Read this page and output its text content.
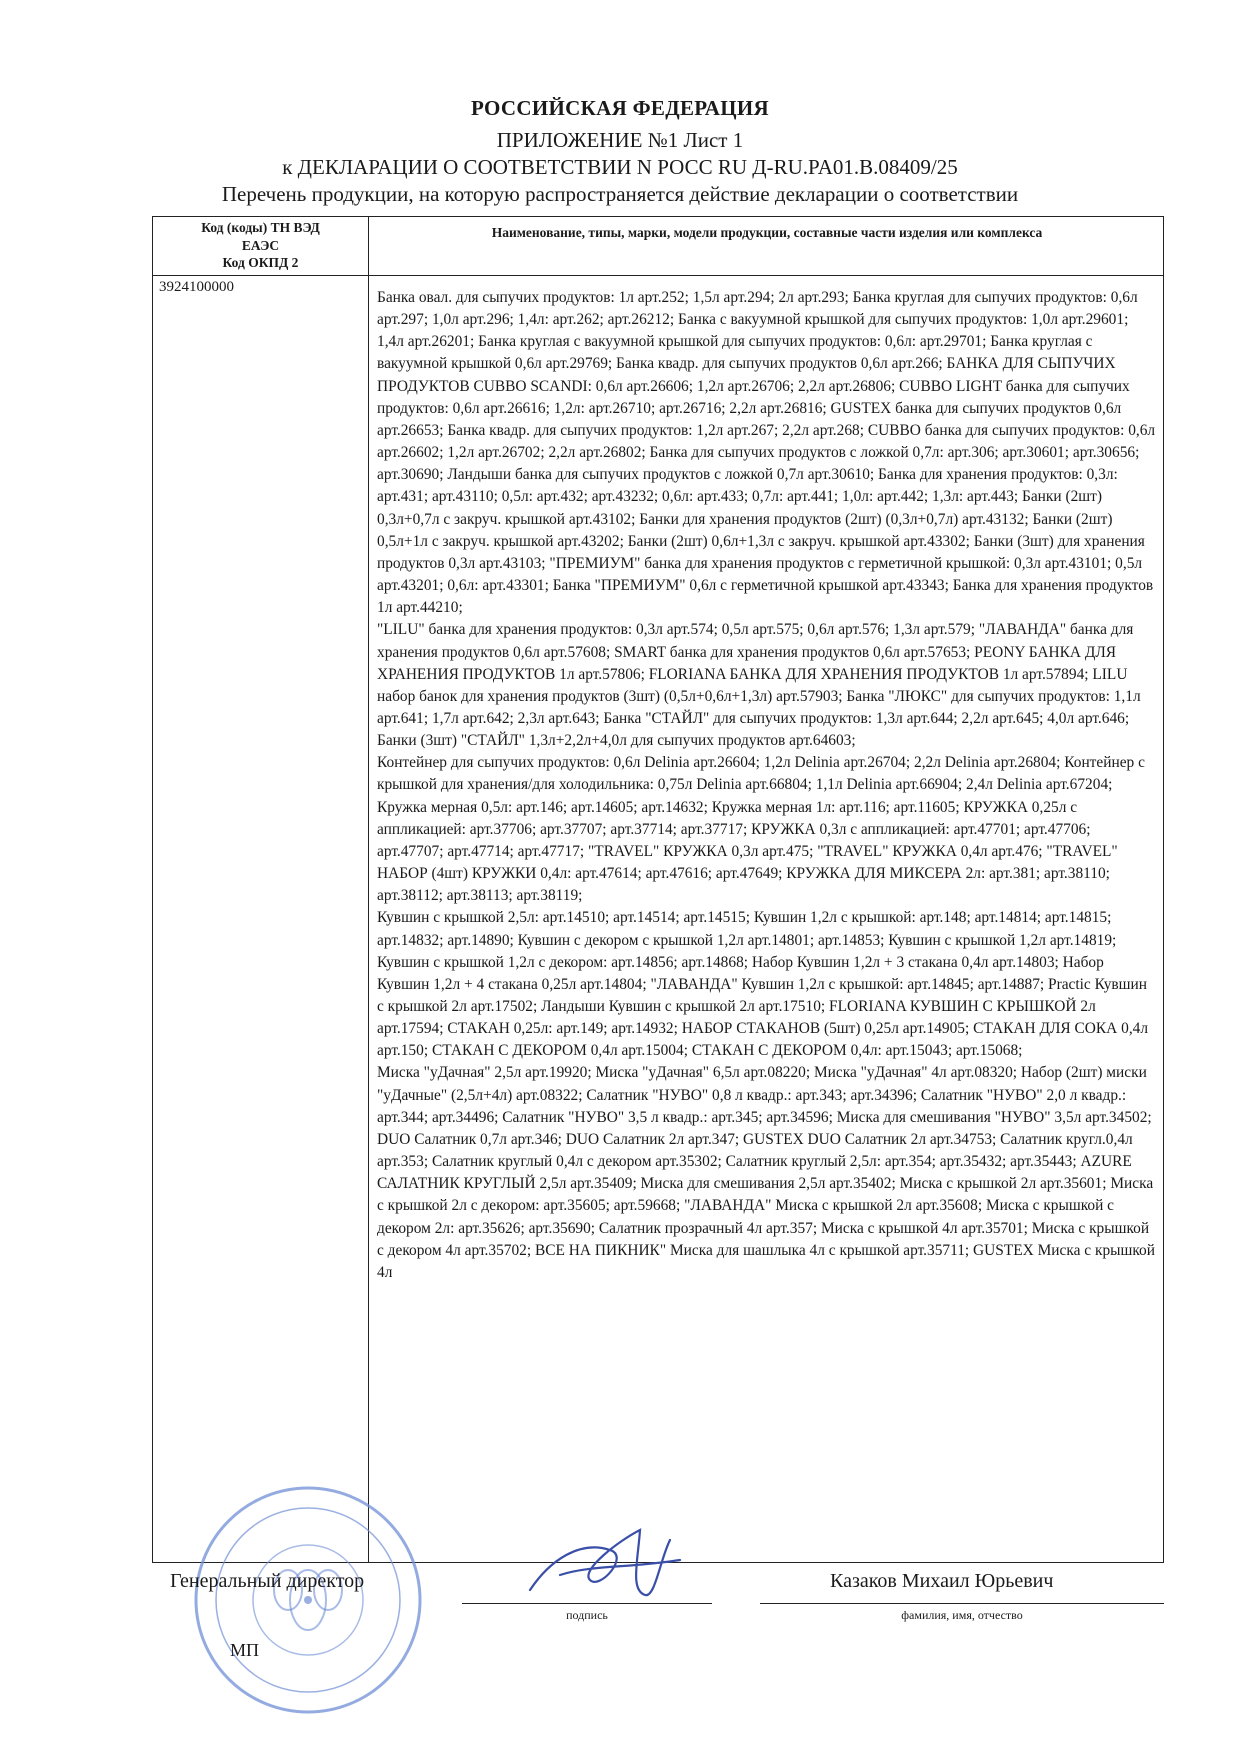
РОССИЙСКАЯ ФЕДЕРАЦИЯ
ПРИЛОЖЕНИЕ №1 Лист 1
к ДЕКЛАРАЦИИ О СООТВЕТСТВИИ N РОСС RU Д-RU.PA01.B.08409/25
Перечень продукции, на которую распространяется действие декларации о соответствии
Код (коды) ТН ВЭД
ЕАЭС
Код ОКПД 2
Наименование, типы, марки, модели продукции, составные части изделия или комплекса
3924100000

Банка овал. для сыпучих продуктов: 1л арт.252; 1,5л арт.294; 2л арт.293; Банка круглая для сыпучих продуктов: 0,6л арт.297; 1,0л арт.296; 1,4л: арт.262; арт.26212; Банка с вакуумной крышкой для сыпучих продуктов: 1,0л арт.29601; 1,4л арт.26201; Банка круглая с вакуумной крышкой для сыпучих продуктов: 0,6л: арт.29701; Банка круглая с вакуумной крышкой 0,6л арт.29769; Банка квадр. для сыпучих продуктов 0,6л арт.266; БАНКА ДЛЯ СЫПУЧИХ ПРОДУКТОВ CUBBO SCANDI: 0,6л арт.26606; 1,2л арт.26706; 2,2л арт.26806; CUBBO LIGHT банка для сыпучих продуктов: 0,6л арт.26616; 1,2л: арт.26710; арт.26716; 2,2л арт.26816; GUSTEX банка для сыпучих продуктов 0,6л арт.26653; Банка квадр. для сыпучих продуктов: 1,2л арт.267; 2,2л арт.268; CUBBO банка для сыпучих продуктов: 0,6л арт.26602; 1,2л арт.26702; 2,2л арт.26802; Банка для сыпучих продуктов с ложкой 0,7л: арт.306; арт.30601; арт.30656; арт.30690; Ландыши банка для сыпучих продуктов с ложкой 0,7л арт.30610; Банка для хранения продуктов: 0,3л: арт.431; арт.43110; 0,5л: арт.432; арт.43232; 0,6л: арт.433; 0,7л: арт.441; 1,0л: арт.442; 1,3л: арт.443; Банки (2шт) 0,3л+0,7л с закруч. крышкой арт.43102; Банки для хранения продуктов (2шт) (0,3л+0,7л) арт.43132; Банки (2шт) 0,5л+1л с закруч. крышкой арт.43202; Банки (2шт) 0,6л+1,3л с закруч. крышкой арт.43302; Банки (3шт) для хранения продуктов 0,3л арт.43103; "ПРЕМИУМ" банка для хранения продуктов с герметичной крышкой: 0,3л арт.43101; 0,5л арт.43201; 0,6л: арт.43301; Банка "ПРЕМИУМ" 0,6л с герметичной крышкой арт.43343; Банка для хранения продуктов 1л арт.44210;

"LILU" банка для хранения продуктов: 0,3л арт.574; 0,5л арт.575; 0,6л арт.576; 1,3л арт.579; "ЛАВАНДА" банка для хранения продуктов 0,6л арт.57608; SMART банка для хранения продуктов 0,6л арт.57653; PEONY БАНКА ДЛЯ ХРАНЕНИЯ ПРОДУКТОВ 1л арт.57806; FLORIANA БАНКА ДЛЯ ХРАНЕНИЯ ПРОДУКТОВ 1л арт.57894; LILU набор банок для хранения продуктов (3шт) (0,5л+0,6л+1,3л) арт.57903; Банка "ЛЮКС" для сыпучих продуктов: 1,1л арт.641; 1,7л арт.642; 2,3л арт.643; Банка "СТАЙЛ" для сыпучих продуктов: 1,3л арт.644; 2,2л арт.645; 4,0л арт.646; Банки (3шт) "СТАЙЛ" 1,3л+2,2л+4,0л для сыпучих продуктов арт.64603;

Контейнер для сыпучих продуктов: 0,6л Delinia арт.26604; 1,2л Delinia арт.26704; 2,2л Delinia арт.26804; Контейнер с крышкой для хранения/для холодильника: 0,75л Delinia арт.66804; 1,1л Delinia арт.66904; 2,4л Delinia арт.67204;

Кружка мерная 0,5л: арт.146; арт.14605; арт.14632; Кружка мерная 1л: арт.116; арт.11605; КРУЖКА 0,25л с аппликацией: арт.37706; арт.37707; арт.37714; арт.37717; КРУЖКА 0,3л с аппликацией: арт.47701; арт.47706; арт.47707; арт.47714; арт.47717; "TRAVEL" КРУЖКА 0,3л арт.475; "TRAVEL" КРУЖКА 0,4л арт.476; "TRAVEL" НАБОР (4шт) КРУЖКИ 0,4л: арт.47614; арт.47616; арт.47649; КРУЖКА ДЛЯ МИКСЕРА 2л: арт.381; арт.38110; арт.38112; арт.38113; арт.38119;

Кувшин с крышкой 2,5л: арт.14510; арт.14514; арт.14515; Кувшин 1,2л с крышкой: арт.148; арт.14814; арт.14815; арт.14832; арт.14890; Кувшин с декором с крышкой 1,2л арт.14801; арт.14853; Кувшин с крышкой 1,2л арт.14819; Кувшин с крышкой 1,2л с декором: арт.14856; арт.14868; Набор Кувшин 1,2л + 3 стакана 0,4л арт.14803; Набор Кувшин 1,2л + 4 стакана 0,25л арт.14804; "ЛАВАНДА" Кувшин 1,2л с крышкой: арт.14845; арт.14887; Practic Кувшин с крышкой 2л арт.17502; Ландыши Кувшин с крышкой 2л арт.17510; FLORIANA КУВШИН С КРЫШКОЙ 2л арт.17594; СТАКАН 0,25л: арт.149; арт.14932; НАБОР СТАКАНОВ (5шт) 0,25л арт.14905; СТАКАН ДЛЯ СОКА 0,4л арт.150; СТАКАН С ДЕКОРОМ 0,4л арт.15004; СТАКАН С ДЕКОРОМ 0,4л: арт.15043; арт.15068;

Миска "уДачная" 2,5л арт.19920; Миска "уДачная" 6,5л арт.08220; Миска "уДачная" 4л арт.08320; Набор (2шт) миски "уДачные" (2,5л+4л) арт.08322; Салатник "НУВО" 0,8 л квадр.: арт.343; арт.34396; Салатник "НУВО" 2,0 л квадр.: арт.344; арт.34496; Салатник "НУВО" 3,5 л квадр.: арт.345; арт.34596; Миска для смешивания "НУВО" 3,5л арт.34502; DUO Салатник 0,7л арт.346; DUO Салатник 2л арт.347; GUSTEX DUO Салатник 2л арт.34753; Салатник кругл.0,4л арт.353; Салатник круглый 0,4л с декором арт.35302; Салатник круглый 2,5л: арт.354; арт.35432; арт.35443; AZURE САЛАТНИК КРУГЛЫЙ 2,5л арт.35409; Миска для смешивания 2,5л арт.35402; Миска с крышкой 2л арт.35601; Миска с крышкой 2л с декором: арт.35605; арт.59668; "ЛАВАНДА" Миска с крышкой 2л арт.35608; Миска с крышкой с декором 2л: арт.35626; арт.35690; Салатник прозрачный 4л арт.357; Миска с крышкой 4л арт.35701; Миска с крышкой с декором 4л арт.35702; ВСЕ НА ПИКНИК" Миска для шашлыка 4л с крышкой арт.35711; GUSTEX Миска с крышкой 4л

Генеральный директор
подпись
Казаков Михаил Юрьевич
фамилия, имя, отчество
МП
